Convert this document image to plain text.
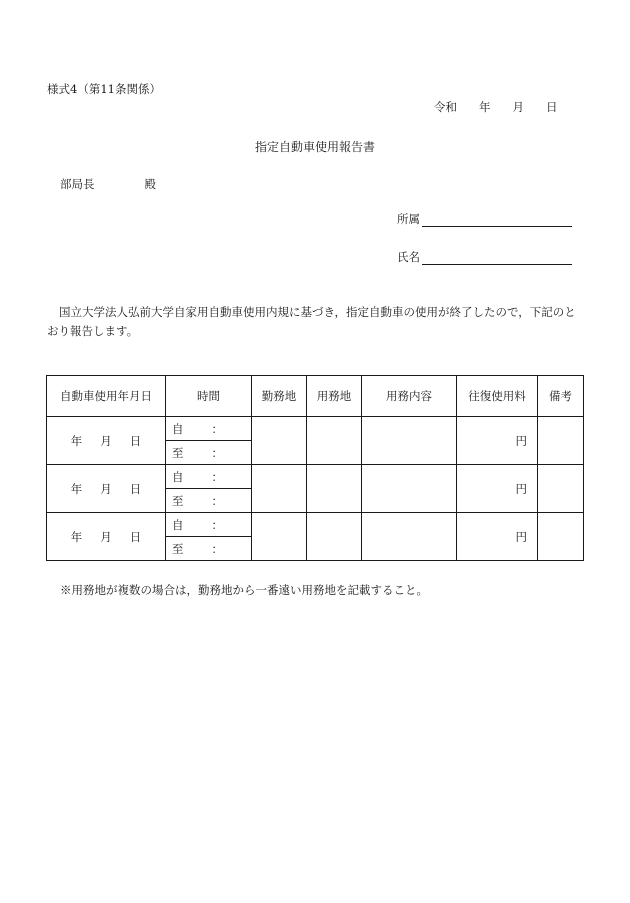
様式4（第11条関係）
令和 年 月 日
指定自動車使用報告書
部局長	殿
所属
氏名
国立大学法人弘前大学自家用自動車使用内規に基づき，指定自動車の使用が終了したので，下記のとおり報告します。
自動車使用年月日	時間	勤務地	用務地	用務内容	往復使用料	備考
年 月 日	自 ：				円	
	至 ：					
年 月 日	自 ：				円	
	至 ：					
年 月 日	自 ：				円	
	至 ：					
※用務地が複数の場合は，勤務地から一番遠い用務地を記載すること。
